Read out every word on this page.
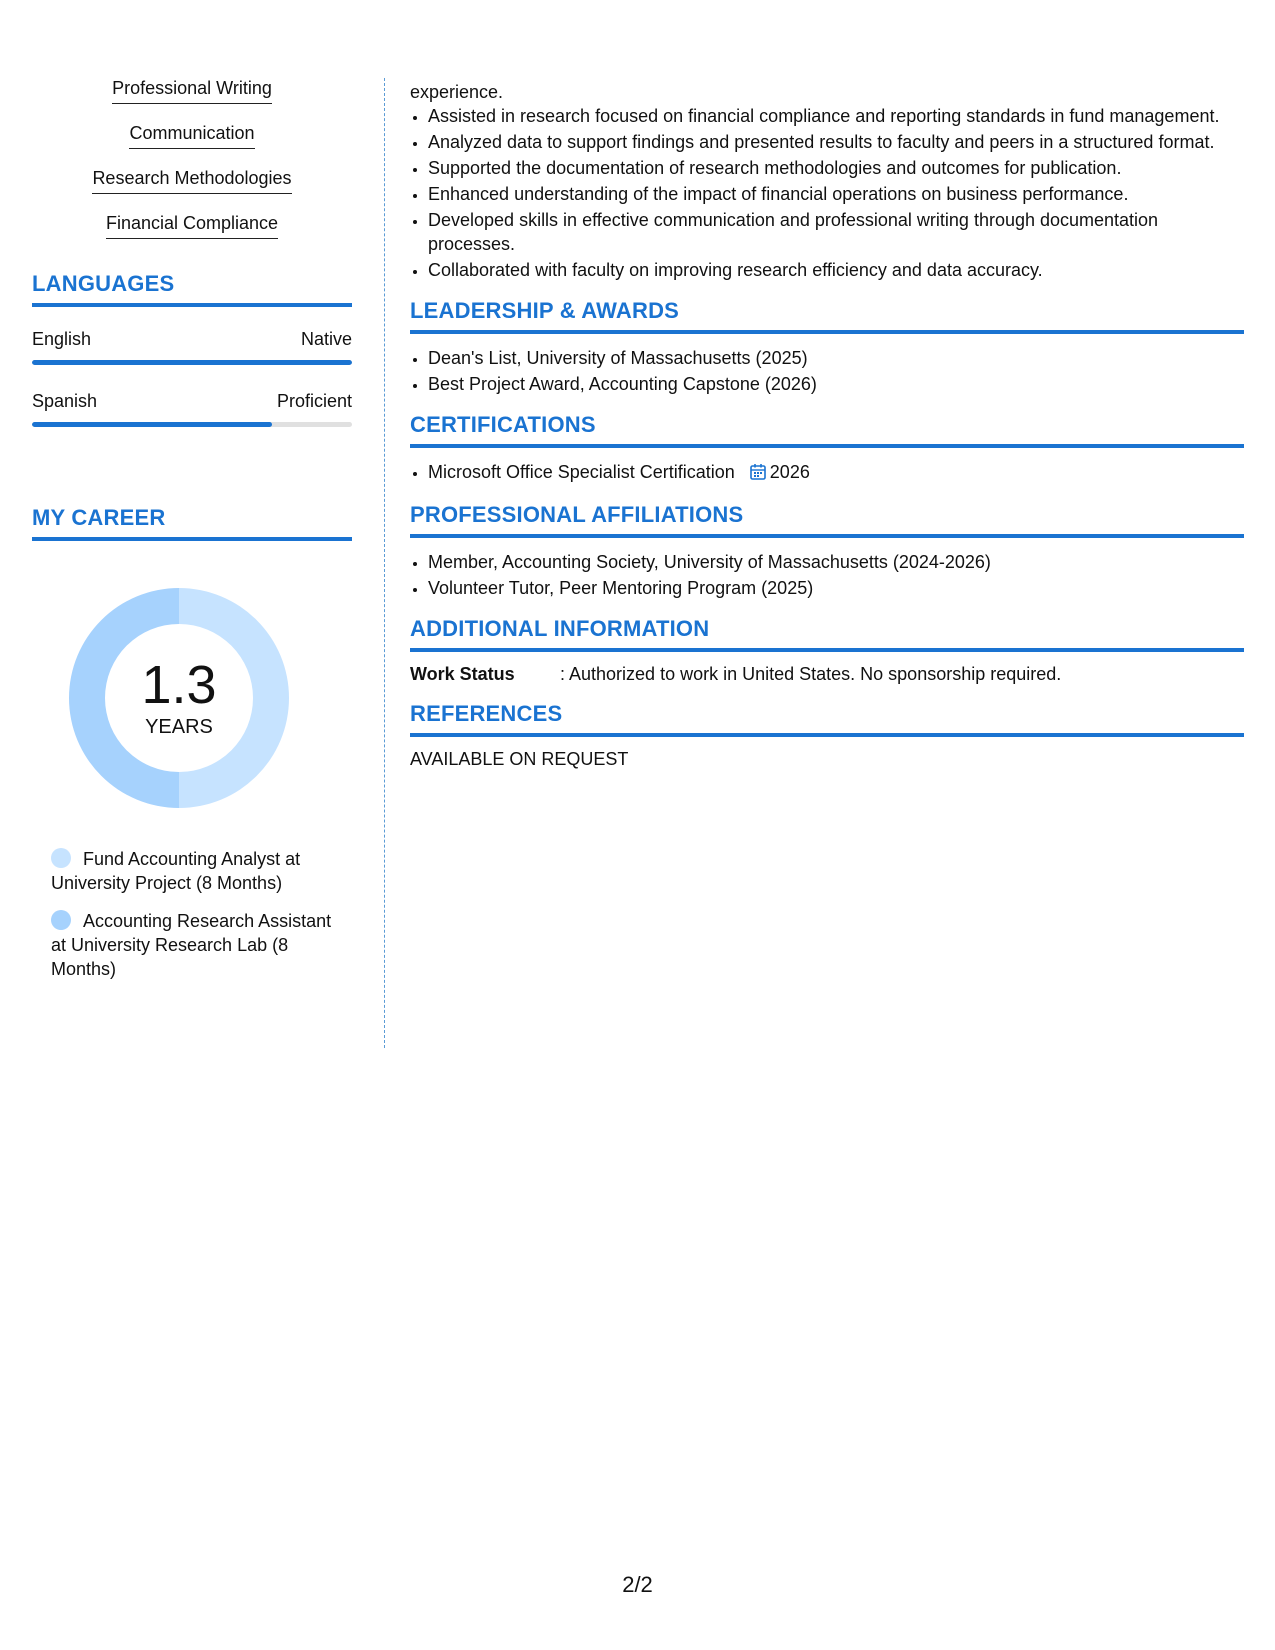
Professional Writing
Communication
Research Methodologies
Financial Compliance
LANGUAGES
English	Native
Spanish	Proficient
MY CAREER
1.3
YEARS
Fund Accounting Analyst at University Project (8 Months)
Accounting Research Assistant at University Research Lab (8 Months)
experience.
• Assisted in research focused on financial compliance and reporting standards in fund management.
• Analyzed data to support findings and presented results to faculty and peers in a structured format.
• Supported the documentation of research methodologies and outcomes for publication.
• Enhanced understanding of the impact of financial operations on business performance.
• Developed skills in effective communication and professional writing through documentation processes.
• Collaborated with faculty on improving research efficiency and data accuracy.
LEADERSHIP & AWARDS
• Dean's List, University of Massachusetts (2025)
• Best Project Award, Accounting Capstone (2026)
CERTIFICATIONS
• Microsoft Office Specialist Certification 2026
PROFESSIONAL AFFILIATIONS
• Member, Accounting Society, University of Massachusetts (2024-2026)
• Volunteer Tutor, Peer Mentoring Program (2025)
ADDITIONAL INFORMATION
Work Status	: Authorized to work in United States. No sponsorship required.
REFERENCES
AVAILABLE ON REQUEST
2/2
